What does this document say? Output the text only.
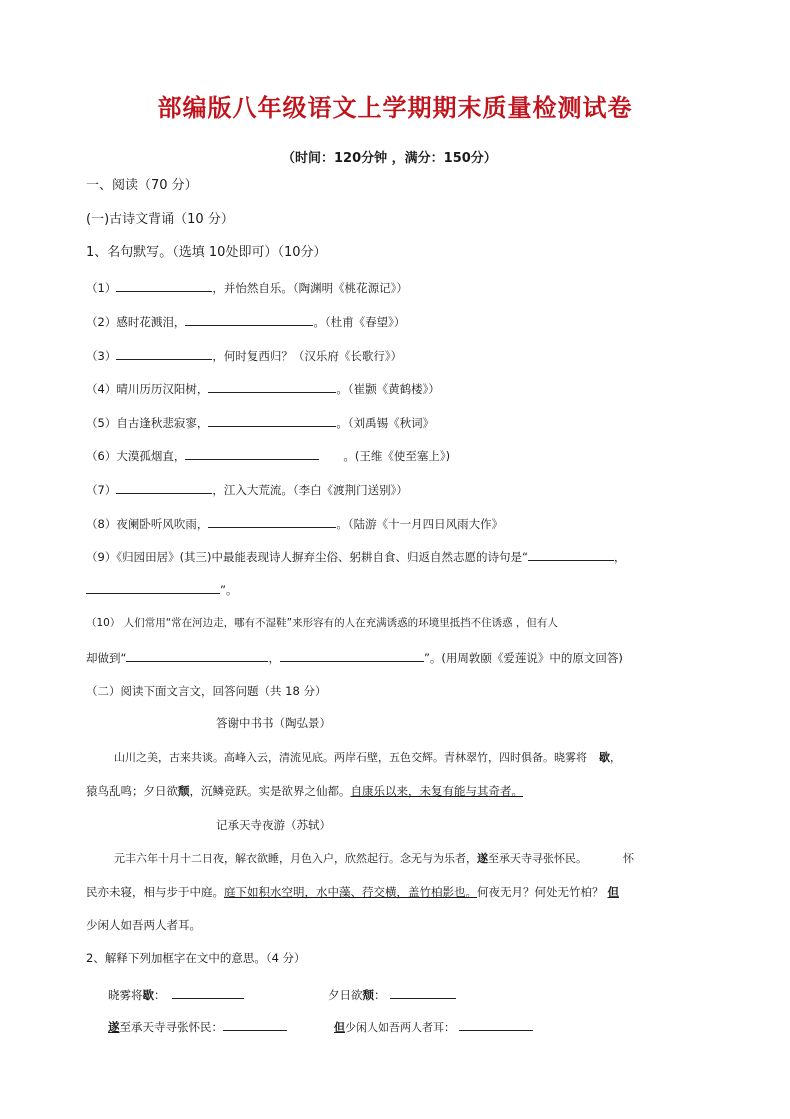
部编版八年级语文上学期期末质量检测试卷
（时间：120分钟 ，满分：150分）
一、阅读（70 分）
(一)古诗文背诵（10 分）
1、名句默写。（选填 10处即可）（10分）
（1）	，并怡然自乐。（陶渊明《桃花源记》）
（2）感时花溅泪，	。（杜甫《春望》）
（3）	，何时复西归？（汉乐府《长歌行》）
（4）晴川历历汉阳树，	。（崔颢《黄鹤楼》）
（5）自古逢秋悲寂寥，	。（刘禹锡《秋词》
（6）大漠孤烟直，	。(王维《使至塞上》)
（7）	，江入大荒流。（李白《渡荆门送别》）
（8）夜阑卧听风吹雨，	。（陆游《十一月四日风雨大作》
（9）《归园田居》(其三)中最能表现诗人摒弃尘俗、躬耕自食、归返自然志愿的诗句是“	，
”。
（10） 人们常用“常在河边走，哪有不湿鞋”来形容有的人在充满诱惑的环境里抵挡不住诱惑 ，但有人
却做到“	，	”。(用周敦颐《爱莲说》中的原文回答)
（二）阅读下面文言文，回答问题（共 18 分）
答谢中书书（陶弘景）
山川之美，古来共谈。高峰入云，清流见底。两岸石壁，五色交辉。青林翠竹，四时俱备。晓雾将 歇，
猿鸟乱鸣；夕日欲颓，沉鳞竞跃。实是欲界之仙都。自康乐以来，未复有能与其奇者。
记承天寺夜游（苏轼）
元丰六年十月十二日夜，解衣欲睡，月色入户，欣然起行。念无与为乐者，遂至承天寺寻张怀民。	怀
民亦未寝，相与步于中庭。庭下如积水空明，水中藻、荇交横，盖竹柏影也。何夜无月？何处无竹柏？ 但
少闲人如吾两人者耳。
2、解释下列加框字在文中的意思。（4 分）
晓雾将歇：	夕日欲颓：
遂至承天寺寻张怀民：	但少闲人如吾两人者耳：
